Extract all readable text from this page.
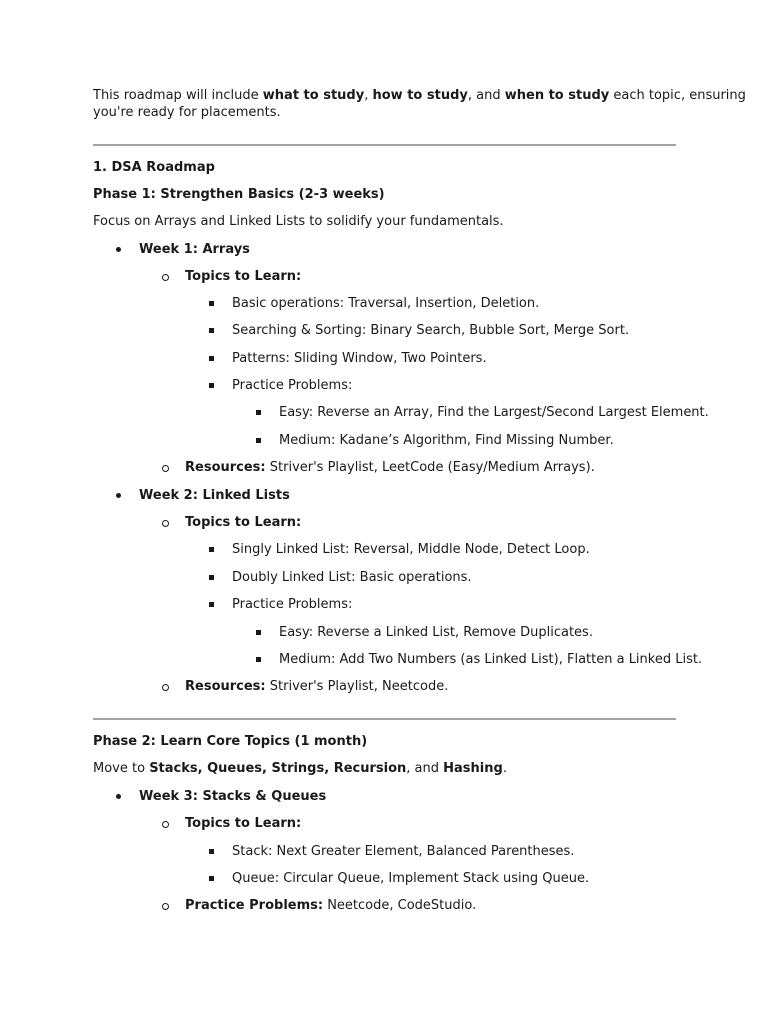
This roadmap will include what to study, how to study, and when to study each topic, ensuring
you're ready for placements.
1. DSA Roadmap
Phase 1: Strengthen Basics (2-3 weeks)
Focus on Arrays and Linked Lists to solidify your fundamentals.
Week 1: Arrays
Topics to Learn:
Basic operations: Traversal, Insertion, Deletion.
Searching & Sorting: Binary Search, Bubble Sort, Merge Sort.
Patterns: Sliding Window, Two Pointers.
Practice Problems:
Easy: Reverse an Array, Find the Largest/Second Largest Element.
Medium: Kadane’s Algorithm, Find Missing Number.
Resources: Striver's Playlist, LeetCode (Easy/Medium Arrays).
Week 2: Linked Lists
Topics to Learn:
Singly Linked List: Reversal, Middle Node, Detect Loop.
Doubly Linked List: Basic operations.
Practice Problems:
Easy: Reverse a Linked List, Remove Duplicates.
Medium: Add Two Numbers (as Linked List), Flatten a Linked List.
Resources: Striver's Playlist, Neetcode.
Phase 2: Learn Core Topics (1 month)
Move to Stacks, Queues, Strings, Recursion, and Hashing.
Week 3: Stacks & Queues
Topics to Learn:
Stack: Next Greater Element, Balanced Parentheses.
Queue: Circular Queue, Implement Stack using Queue.
Practice Problems: Neetcode, CodeStudio.
